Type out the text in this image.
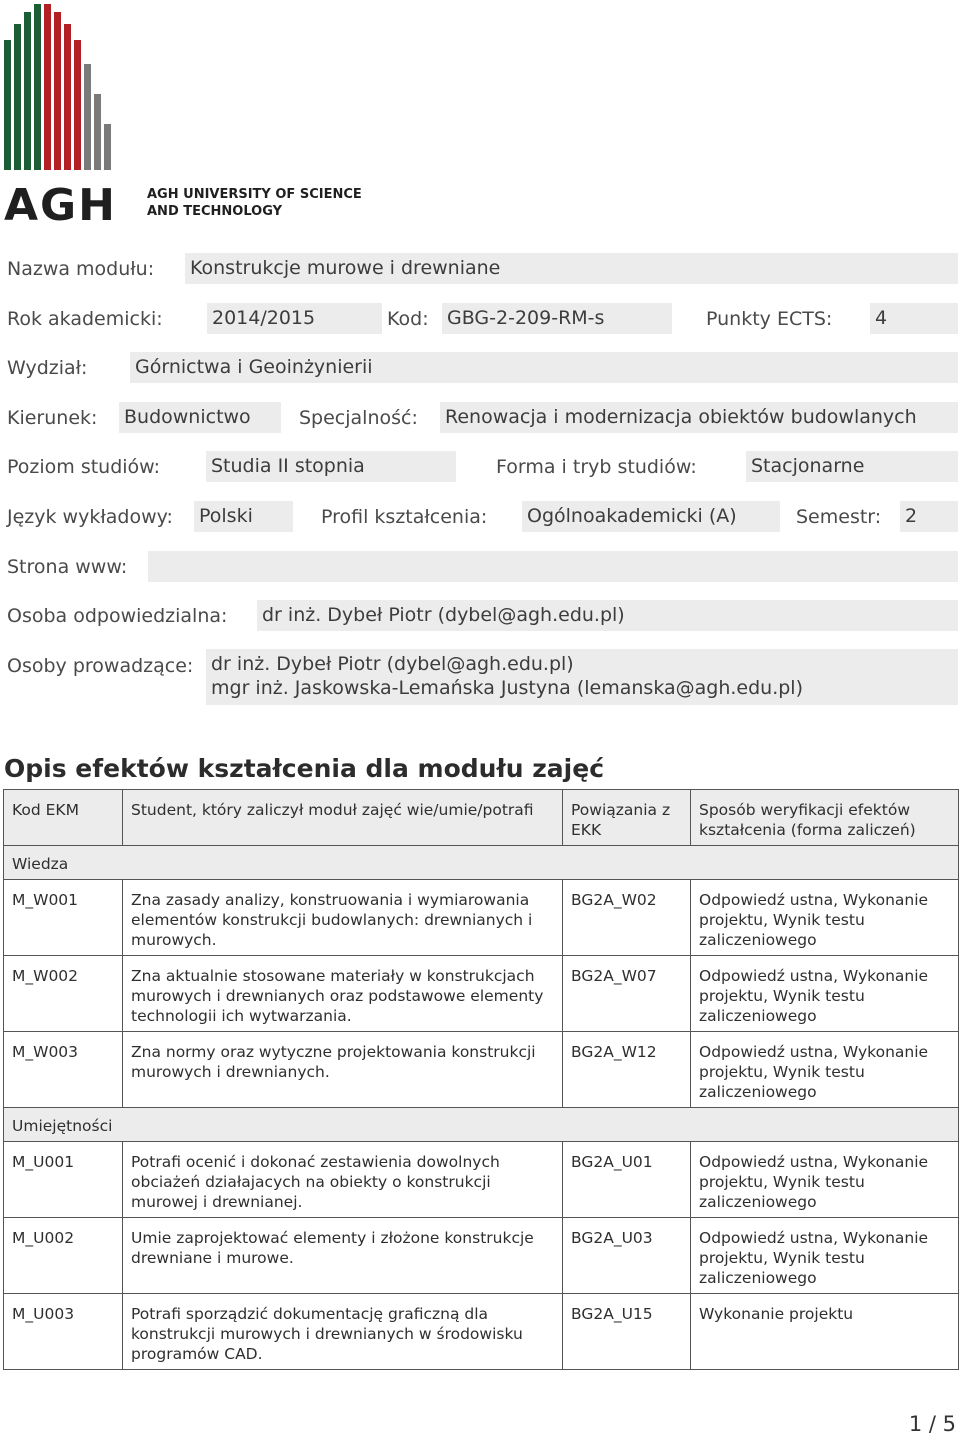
AGH AGH UNIVERSITY OF SCIENCE
AND TECHNOLOGY
Nazwa modułu: Konstrukcje murowe i drewniane
Rok akademicki:	2014/2015	Kod: GBG-2-209-RM-s	Punkty ECTS: 4
Wydział:	Górnictwa i Geoinżynierii
Kierunek: Budownictwo	Specjalność: Renowacja i modernizacja obiektów budowlanych
Poziom studiów:	Studia II stopnia	Forma i tryb studiów:	Stacjonarne
Język wykładowy: Polski	Profil kształcenia: Ogólnoakademicki (A)	Semestr: 2
Strona www:
Osoba odpowiedzialna: dr inż. Dybeł Piotr (dybel@agh.edu.pl)
Osoby prowadzące: dr inż. Dybeł Piotr (dybel@agh.edu.pl)
mgr inż. Jaskowska-Lemańska Justyna (lemanska@agh.edu.pl)
Opis efektów kształcenia dla modułu zajęć
Kod EKM	Student, który zaliczył moduł zajęć wie/umie/potrafi	Powiązania z EKK	Sposób weryfikacji efektów kształcenia (forma zaliczeń)
Wiedza			
M_W001	Zna zasady analizy, konstruowania i wymiarowania elementów konstrukcji budowlanych: drewnianych i murowych.	BG2A_W02	Odpowiedź ustna, Wykonanie projektu, Wynik testu zaliczeniowego
M_W002	Zna aktualnie stosowane materiały w konstrukcjach murowych i drewnianych oraz podstawowe elementy technologii ich wytwarzania.	BG2A_W07	Odpowiedź ustna, Wykonanie projektu, Wynik testu zaliczeniowego
M_W003	Zna normy oraz wytyczne projektowania konstrukcji murowych i drewnianych.	BG2A_W12	Odpowiedź ustna, Wykonanie projektu, Wynik testu zaliczeniowego
Umiejętności			
M_U001	Potrafi ocenić i dokonać zestawienia dowolnych obciażeń działajacych na obiekty o konstrukcji murowej i drewnianej.	BG2A_U01	Odpowiedź ustna, Wykonanie projektu, Wynik testu zaliczeniowego
M_U002	Umie zaprojektować elementy i złożone konstrukcje drewniane i murowe.	BG2A_U03	Odpowiedź ustna, Wykonanie projektu, Wynik testu zaliczeniowego
M_U003	Potrafi sporządzić dokumentację graficzną dla konstrukcji murowych i drewnianych w środowisku programów CAD.	BG2A_U15	Wykonanie projektu
1 / 5
